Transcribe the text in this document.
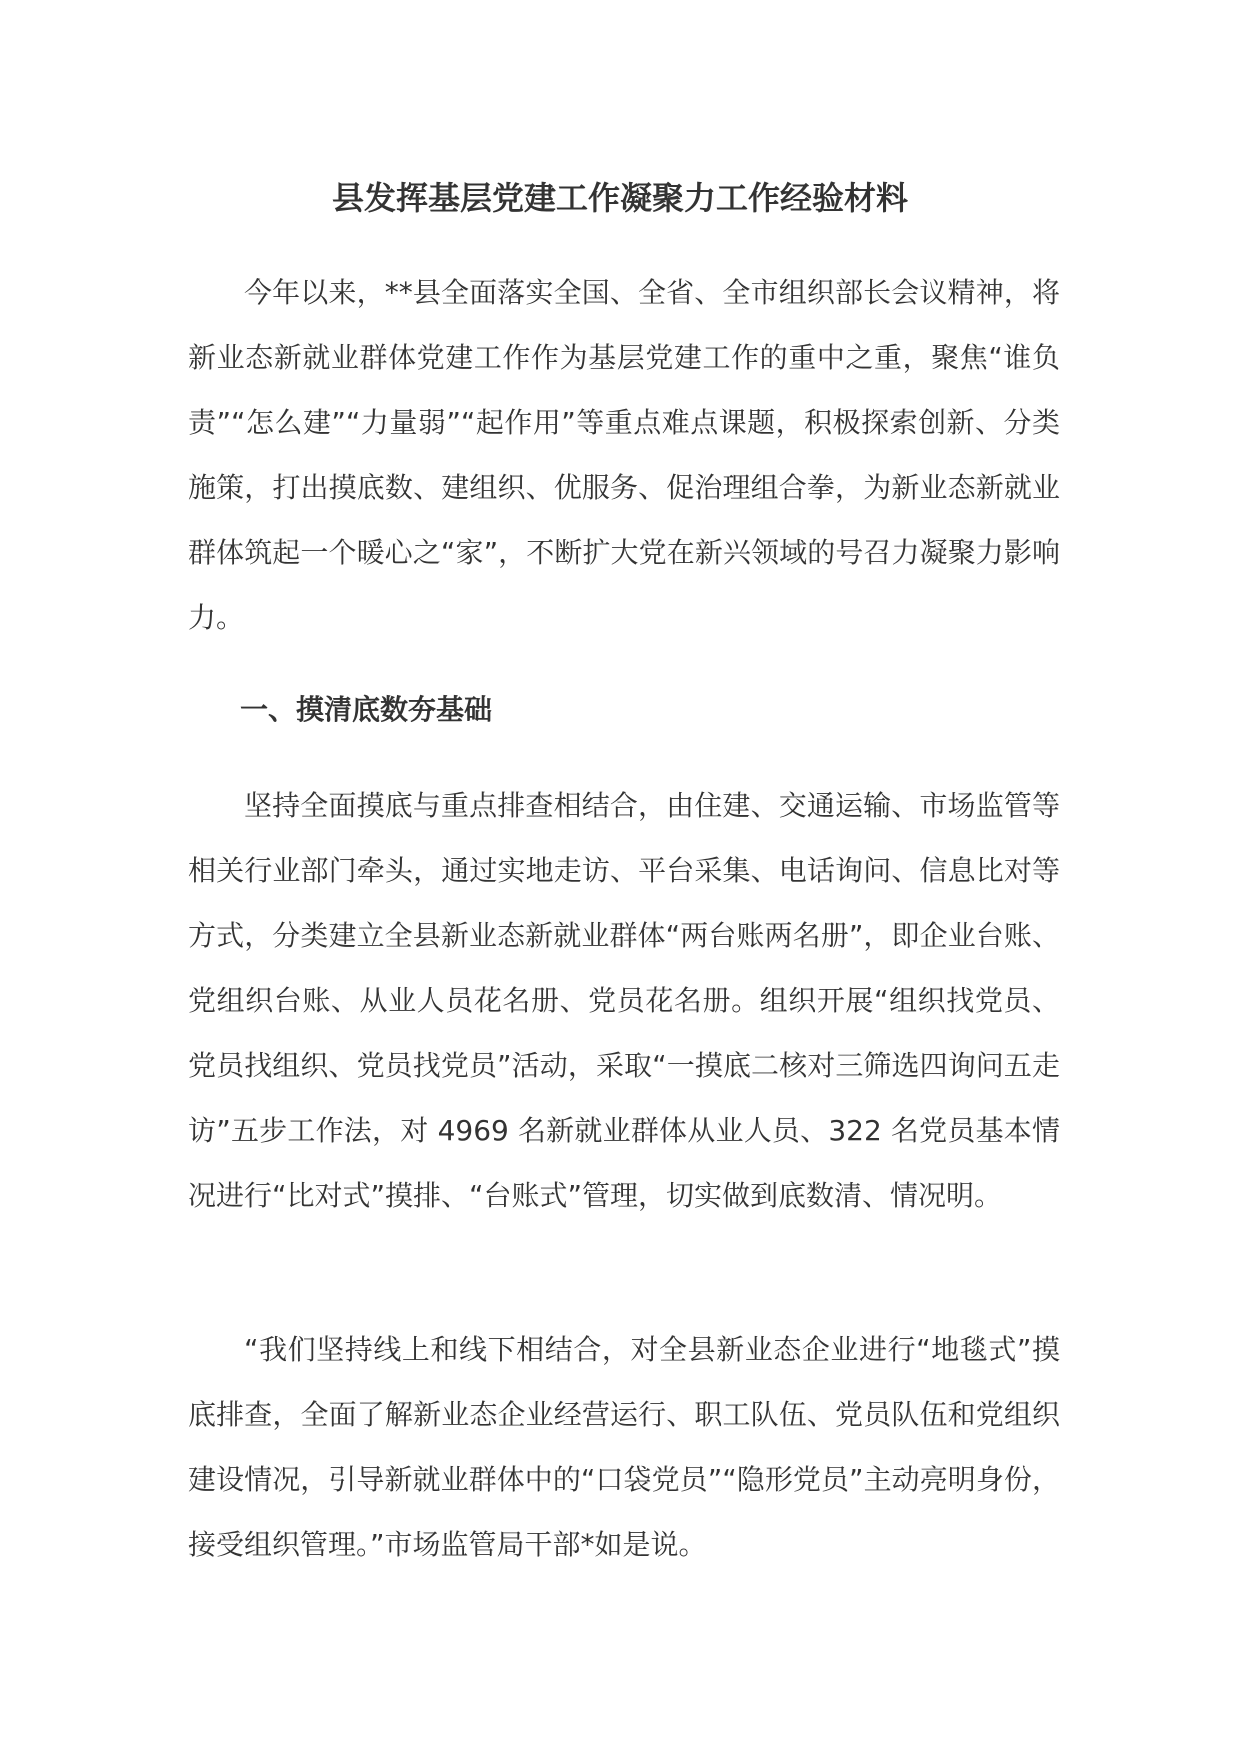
县发挥基层党建工作凝聚力工作经验材料

今年以来，**县全面落实全国、全省、全市组织部长会议精神，将新业态新就业群体党建工作作为基层党建工作的重中之重，聚焦“谁负责”“怎么建”“力量弱”“起作用”等重点难点课题，积极探索创新、分类施策，打出摸底数、建组织、优服务、促治理组合拳，为新业态新就业群体筑起一个暖心之“家”，不断扩大党在新兴领域的号召力凝聚力影响力。

一、摸清底数夯基础

坚持全面摸底与重点排查相结合，由住建、交通运输、市场监管等相关行业部门牵头，通过实地走访、平台采集、电话询问、信息比对等方式，分类建立全县新业态新就业群体“两台账两名册”，即企业台账、党组织台账、从业人员花名册、党员花名册。组织开展“组织找党员、党员找组织、党员找党员”活动，采取“一摸底二核对三筛选四询问五走访”五步工作法，对 4969 名新就业群体从业人员、322 名党员基本情况进行“比对式”摸排、“台账式”管理，切实做到底数清、情况明。

“我们坚持线上和线下相结合，对全县新业态企业进行“地毯式”摸底排查，全面了解新业态企业经营运行、职工队伍、党员队伍和党组织建设情况，引导新就业群体中的“口袋党员”“隐形党员”主动亮明身份，接受组织管理。”市场监管局干部*如是说。
